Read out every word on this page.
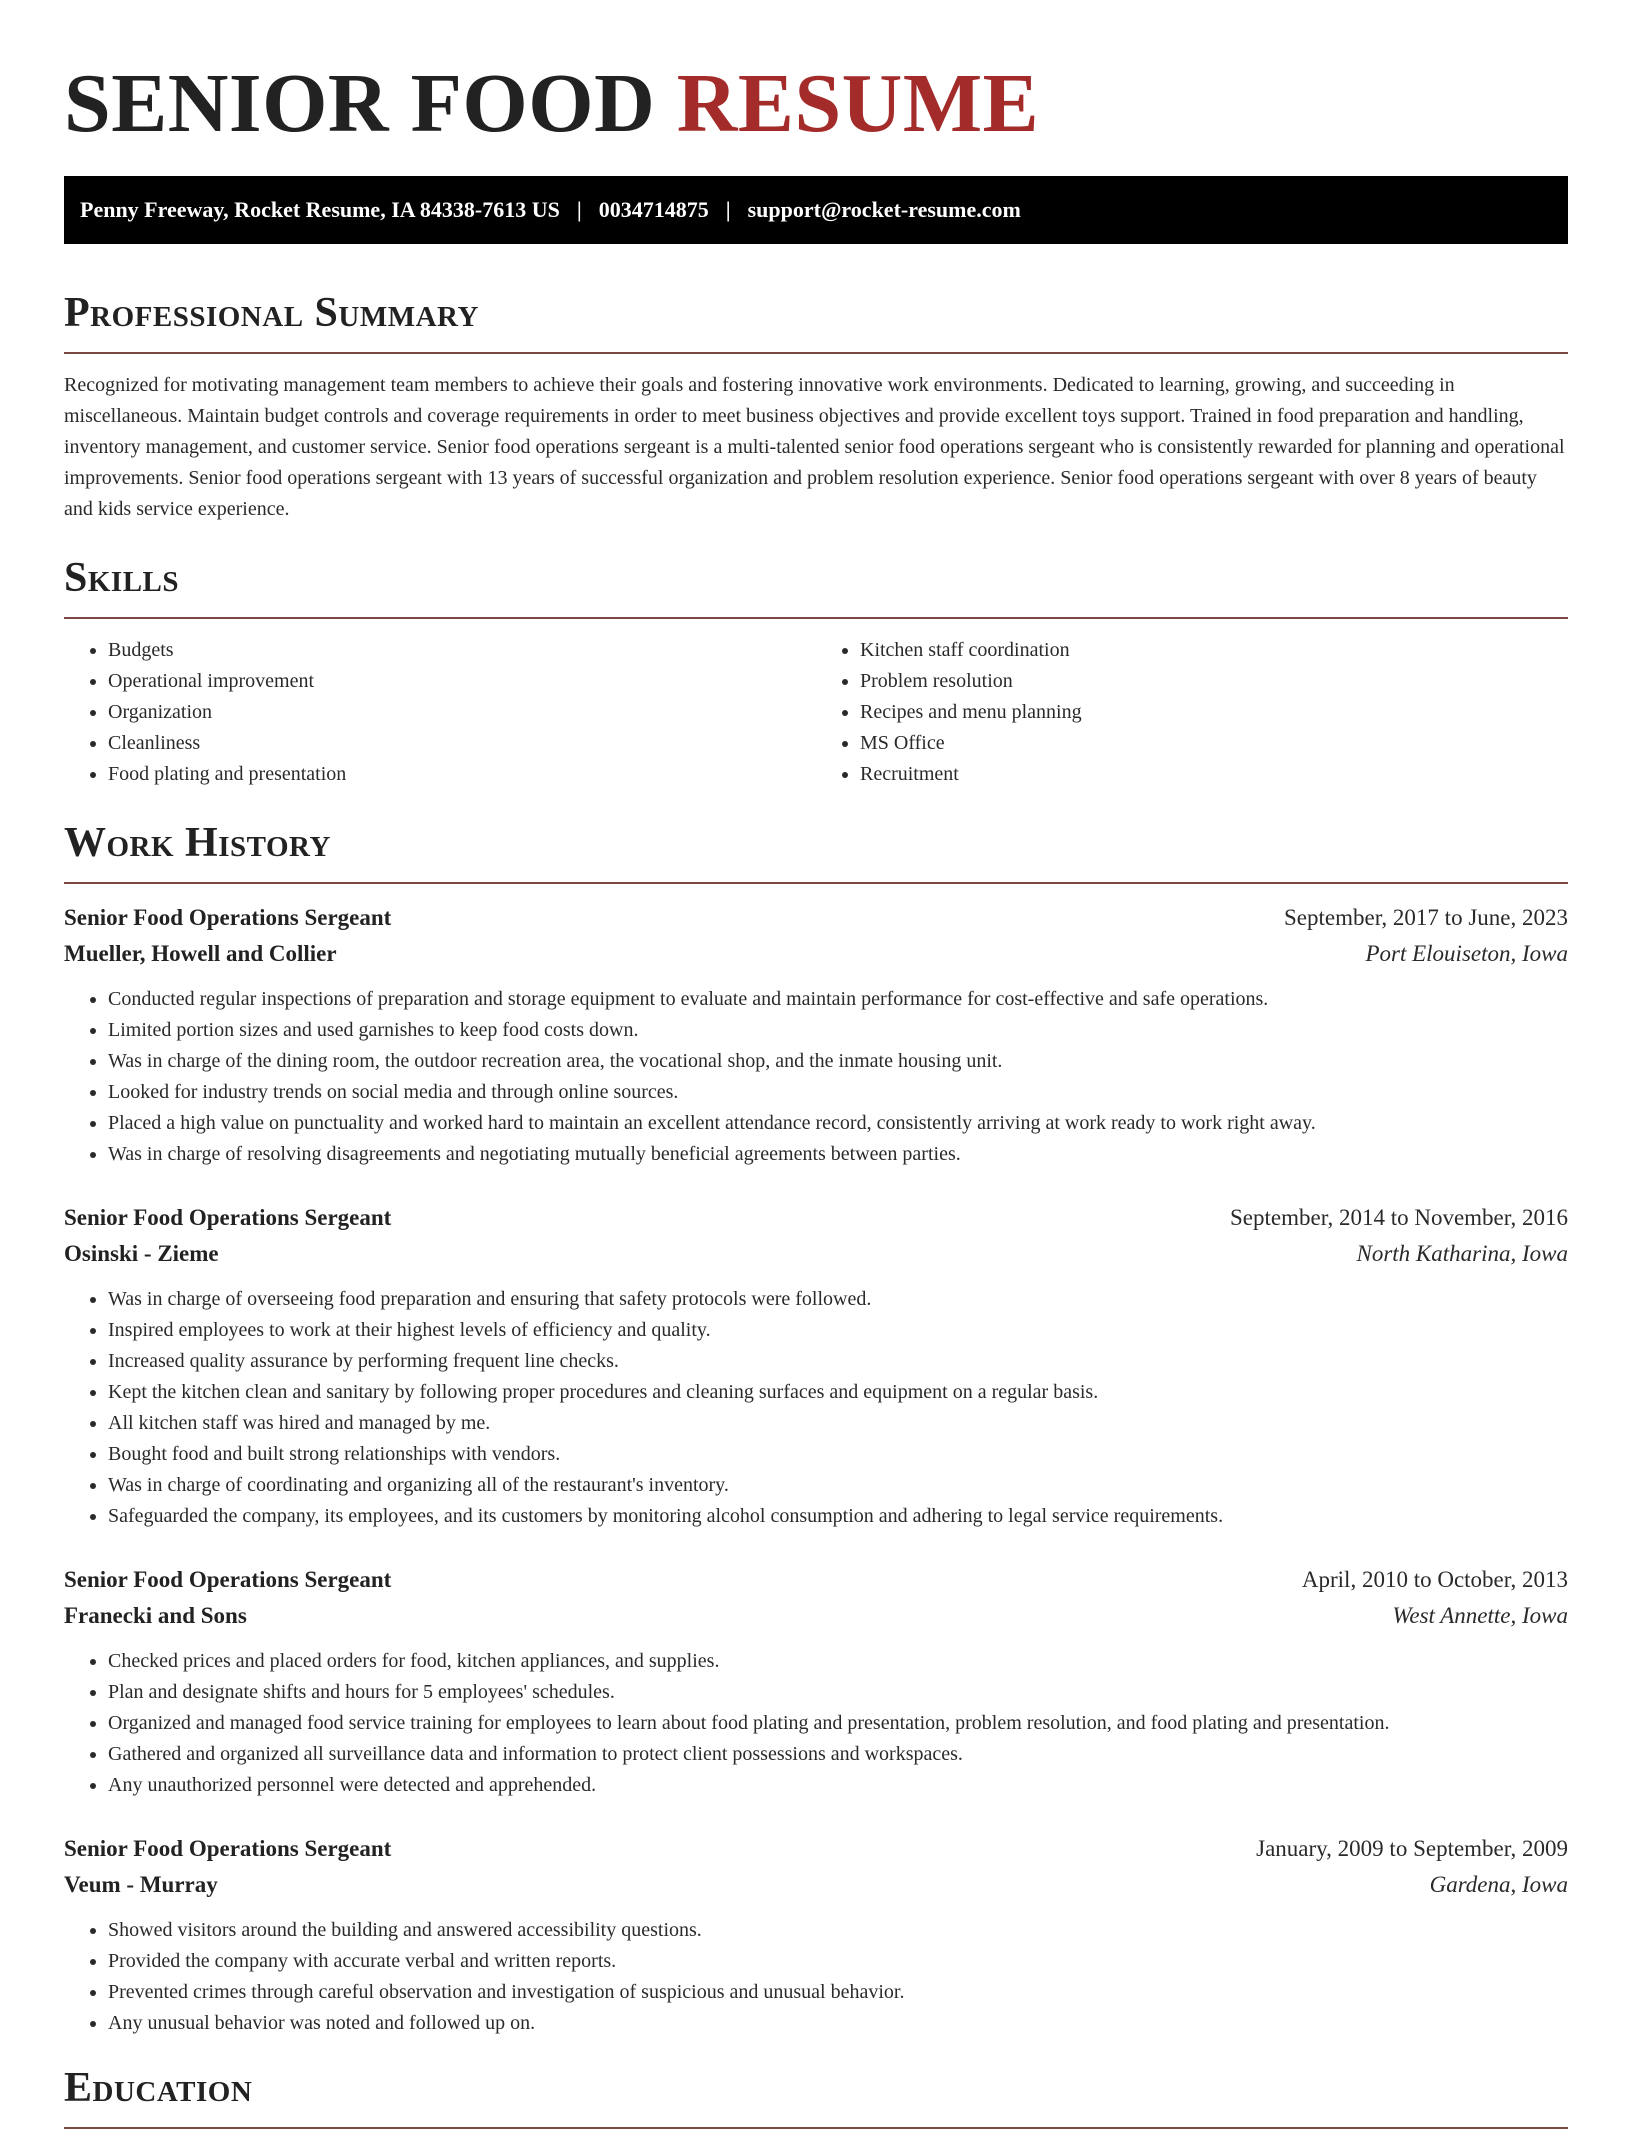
SENIOR FOOD RESUME
Penny Freeway, Rocket Resume, IA 84338-7613 US | 0034714875 | support@rocket-resume.com
Professional Summary

Recognized for motivating management team members to achieve their goals and fostering innovative work environments. Dedicated to learning, growing, and succeeding in miscellaneous. Maintain budget controls and coverage requirements in order to meet business objectives and provide excellent toys support. Trained in food preparation and handling, inventory management, and customer service. Senior food operations sergeant is a multi-talented senior food operations sergeant who is consistently rewarded for planning and operational improvements. Senior food operations sergeant with 13 years of successful organization and problem resolution experience. Senior food operations sergeant with over 8 years of beauty and kids service experience.

Skills
• Budgets
• Operational improvement
• Organization
• Cleanliness
• Food plating and presentation
• Kitchen staff coordination
• Problem resolution
• Recipes and menu planning
• MS Office
• Recruitment
Work History
Senior Food Operations Sergeant	September, 2017 to June, 2023
Mueller, Howell and Collier	Port Elouiseton, Iowa
• Conducted regular inspections of preparation and storage equipment to evaluate and maintain performance for cost-effective and safe operations.
• Limited portion sizes and used garnishes to keep food costs down.
• Was in charge of the dining room, the outdoor recreation area, the vocational shop, and the inmate housing unit.
• Looked for industry trends on social media and through online sources.
• Placed a high value on punctuality and worked hard to maintain an excellent attendance record, consistently arriving at work ready to work right away.
• Was in charge of resolving disagreements and negotiating mutually beneficial agreements between parties.
Senior Food Operations Sergeant	September, 2014 to November, 2016
Osinski - Zieme	North Katharina, Iowa
• Was in charge of overseeing food preparation and ensuring that safety protocols were followed.
• Inspired employees to work at their highest levels of efficiency and quality.
• Increased quality assurance by performing frequent line checks.
• Kept the kitchen clean and sanitary by following proper procedures and cleaning surfaces and equipment on a regular basis.
• All kitchen staff was hired and managed by me.
• Bought food and built strong relationships with vendors.
• Was in charge of coordinating and organizing all of the restaurant's inventory.
• Safeguarded the company, its employees, and its customers by monitoring alcohol consumption and adhering to legal service requirements.
Senior Food Operations Sergeant	April, 2010 to October, 2013
Franecki and Sons	West Annette, Iowa
• Checked prices and placed orders for food, kitchen appliances, and supplies.
• Plan and designate shifts and hours for 5 employees' schedules.
• Organized and managed food service training for employees to learn about food plating and presentation, problem resolution, and food plating and presentation.
• Gathered and organized all surveillance data and information to protect client possessions and workspaces.
• Any unauthorized personnel were detected and apprehended.
Senior Food Operations Sergeant	January, 2009 to September, 2009
Veum - Murray	Gardena, Iowa
• Showed visitors around the building and answered accessibility questions.
• Provided the company with accurate verbal and written reports.
• Prevented crimes through careful observation and investigation of suspicious and unusual behavior.
• Any unusual behavior was noted and followed up on.
Education
